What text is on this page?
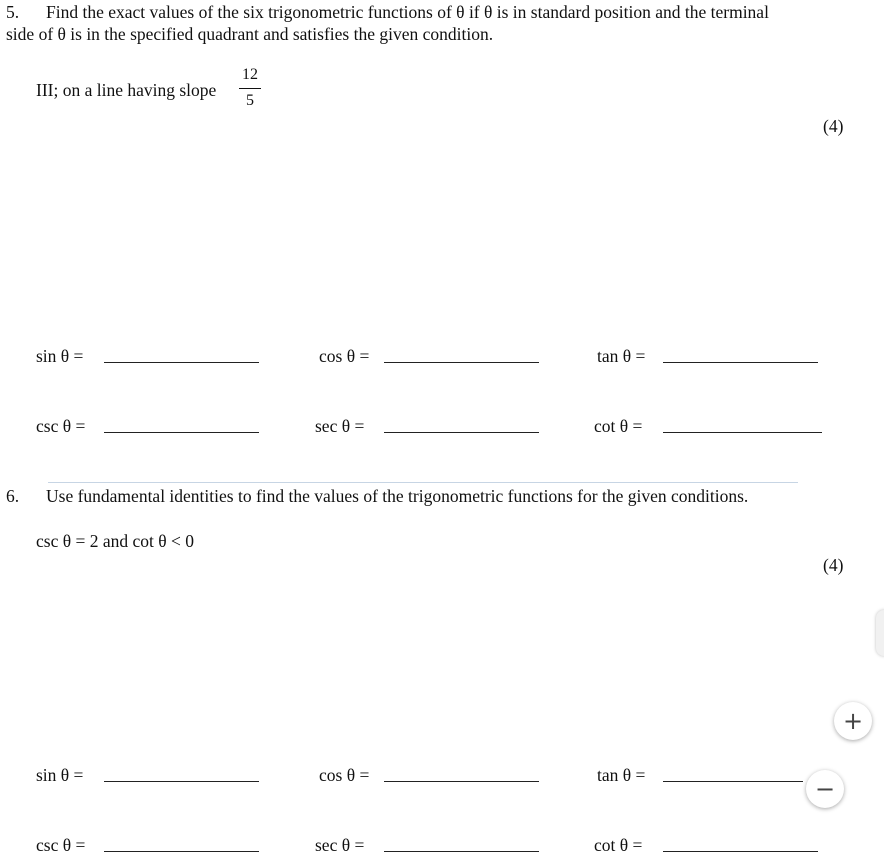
5. Find the exact values of the six trigonometric functions of θ if θ is in standard position and the terminal
side of θ is in the specified quadrant and satisfies the given condition.
III; on a line having slope
12
5
(4)
sin θ =	cos θ =	tan θ =
csc θ =	sec θ =	cot θ =
6. Use fundamental identities to find the values of the trigonometric functions for the given conditions.
csc θ = 2 and cot θ < 0
(4)
sin θ =	cos θ =	tan θ =
csc θ =	sec θ =	cot θ =
+
−
